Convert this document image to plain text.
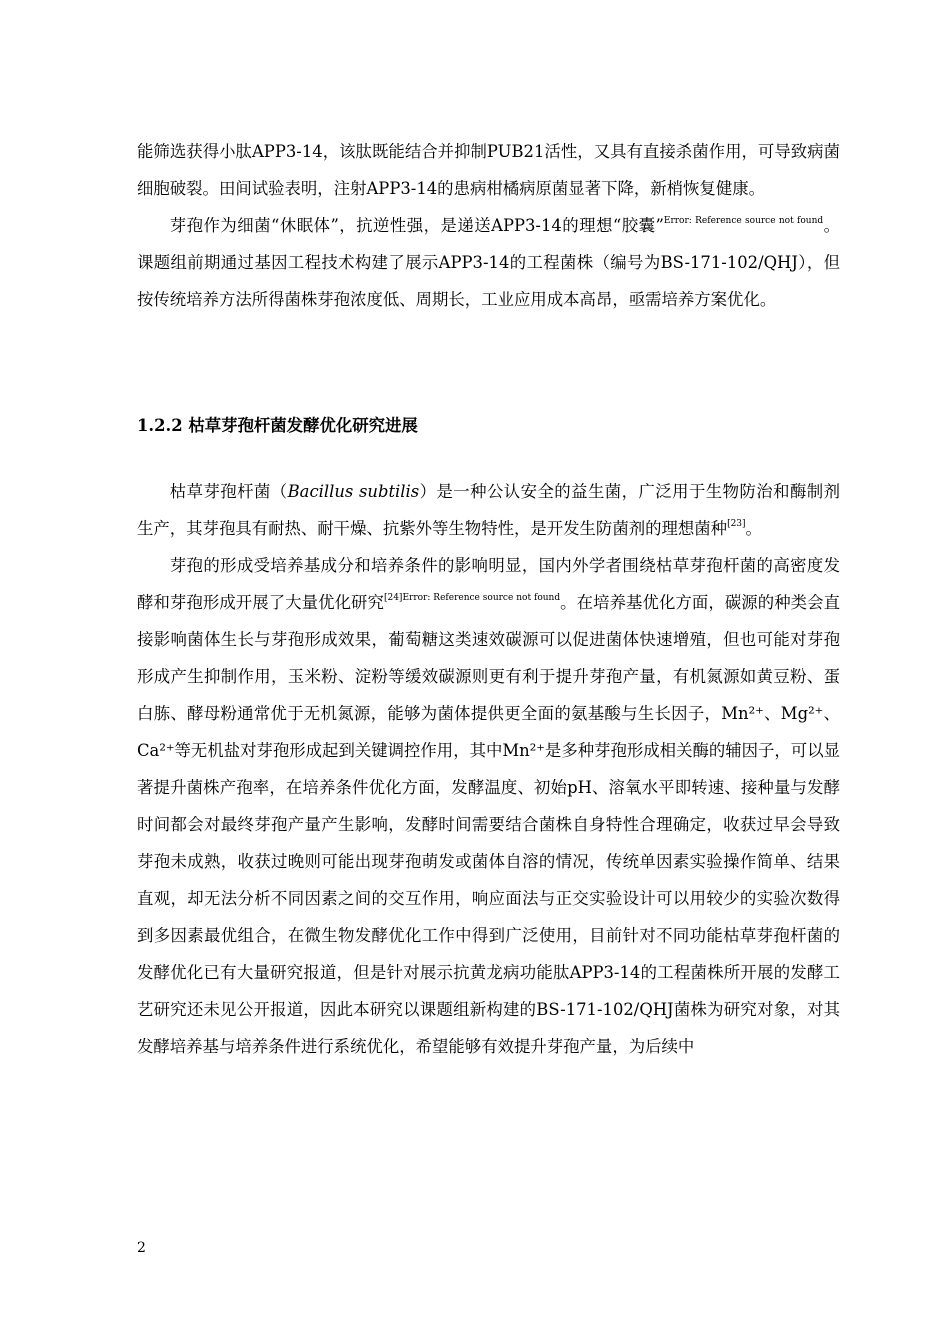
能筛选获得小肽APP3-14，该肽既能结合并抑制PUB21活性，又具有直接杀菌作用，可导致病菌细胞破裂。田间试验表明，注射APP3-14的患病柑橘病原菌显著下降，新梢恢复健康。

芽孢作为细菌“休眠体”，抗逆性强，是递送APP3-14的理想“胶囊”$^{Error: Reference source not found}$。课题组前期通过基因工程技术构建了展示APP3-14的工程菌株（编号为BS-171-102/QHJ），但按传统培养方法所得菌株芽孢浓度低、周期长，工业应用成本高昂，亟需培养方案优化。

1.2.2 枯草芽孢杆菌发酵优化研究进展

枯草芽孢杆菌（Bacillus subtilis）是一种公认安全的益生菌，广泛用于生物防治和酶制剂生产，其芽孢具有耐热、耐干燥、抗紫外等生物特性，是开发生防菌剂的理想菌种[23]。

芽孢的形成受培养基成分和培养条件的影响明显，国内外学者围绕枯草芽孢杆菌的高密度发酵和芽孢形成开展了大量优化研究$^{[24]Error: Reference source not found}$。在培养基优化方面，碳源的种类会直接影响菌体生长与芽孢形成效果，葡萄糖这类速效碳源可以促进菌体快速增殖，但也可能对芽孢形成产生抑制作用，玉米粉、淀粉等缓效碳源则更有利于提升芽孢产量，有机氮源如黄豆粉、蛋白胨、酵母粉通常优于无机氮源，能够为菌体提供更全面的氨基酸与生长因子，Mn²⁺、Mg²⁺、Ca²⁺等无机盐对芽孢形成起到关键调控作用，其中Mn²⁺是多种芽孢形成相关酶的辅因子，可以显著提升菌株产孢率，在培养条件优化方面，发酵温度、初始pH、溶氧水平即转速、接种量与发酵时间都会对最终芽孢产量产生影响，发酵时间需要结合菌株自身特性合理确定，收获过早会导致芽孢未成熟，收获过晚则可能出现芽孢萌发或菌体自溶的情况，传统单因素实验操作简单、结果直观，却无法分析不同因素之间的交互作用，响应面法与正交实验设计可以用较少的实验次数得到多因素最优组合，在微生物发酵优化工作中得到广泛使用，目前针对不同功能枯草芽孢杆菌的发酵优化已有大量研究报道，但是针对展示抗黄龙病功能肽APP3-14的工程菌株所开展的发酵工艺研究还未见公开报道，因此本研究以课题组新构建的BS-171-102/QHJ菌株为研究对象，对其发酵培养基与培养条件进行系统优化，希望能够有效提升芽孢产量，为后续中

2
